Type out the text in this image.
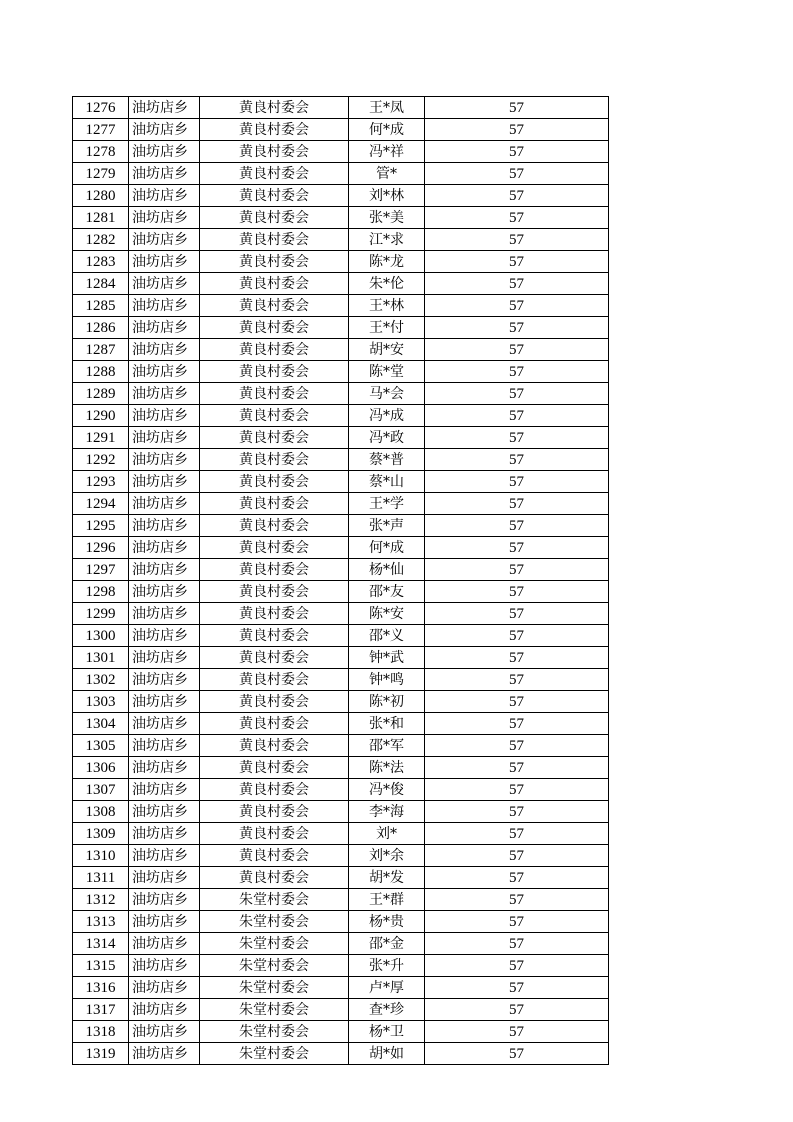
1276	油坊店乡	黄良村委会	王*凤	57
1277	油坊店乡	黄良村委会	何*成	57
1278	油坊店乡	黄良村委会	冯*祥	57
1279	油坊店乡	黄良村委会	管*	57
1280	油坊店乡	黄良村委会	刘*林	57
1281	油坊店乡	黄良村委会	张*美	57
1282	油坊店乡	黄良村委会	江*求	57
1283	油坊店乡	黄良村委会	陈*龙	57
1284	油坊店乡	黄良村委会	朱*伦	57
1285	油坊店乡	黄良村委会	王*林	57
1286	油坊店乡	黄良村委会	王*付	57
1287	油坊店乡	黄良村委会	胡*安	57
1288	油坊店乡	黄良村委会	陈*堂	57
1289	油坊店乡	黄良村委会	马*会	57
1290	油坊店乡	黄良村委会	冯*成	57
1291	油坊店乡	黄良村委会	冯*政	57
1292	油坊店乡	黄良村委会	蔡*普	57
1293	油坊店乡	黄良村委会	蔡*山	57
1294	油坊店乡	黄良村委会	王*学	57
1295	油坊店乡	黄良村委会	张*声	57
1296	油坊店乡	黄良村委会	何*成	57
1297	油坊店乡	黄良村委会	杨*仙	57
1298	油坊店乡	黄良村委会	邵*友	57
1299	油坊店乡	黄良村委会	陈*安	57
1300	油坊店乡	黄良村委会	邵*义	57
1301	油坊店乡	黄良村委会	钟*武	57
1302	油坊店乡	黄良村委会	钟*鸣	57
1303	油坊店乡	黄良村委会	陈*初	57
1304	油坊店乡	黄良村委会	张*和	57
1305	油坊店乡	黄良村委会	邵*军	57
1306	油坊店乡	黄良村委会	陈*法	57
1307	油坊店乡	黄良村委会	冯*俊	57
1308	油坊店乡	黄良村委会	李*海	57
1309	油坊店乡	黄良村委会	刘*	57
1310	油坊店乡	黄良村委会	刘*余	57
1311	油坊店乡	黄良村委会	胡*发	57
1312	油坊店乡	朱堂村委会	王*群	57
1313	油坊店乡	朱堂村委会	杨*贵	57
1314	油坊店乡	朱堂村委会	邵*金	57
1315	油坊店乡	朱堂村委会	张*升	57
1316	油坊店乡	朱堂村委会	卢*厚	57
1317	油坊店乡	朱堂村委会	查*珍	57
1318	油坊店乡	朱堂村委会	杨*卫	57
1319	油坊店乡	朱堂村委会	胡*如	57
